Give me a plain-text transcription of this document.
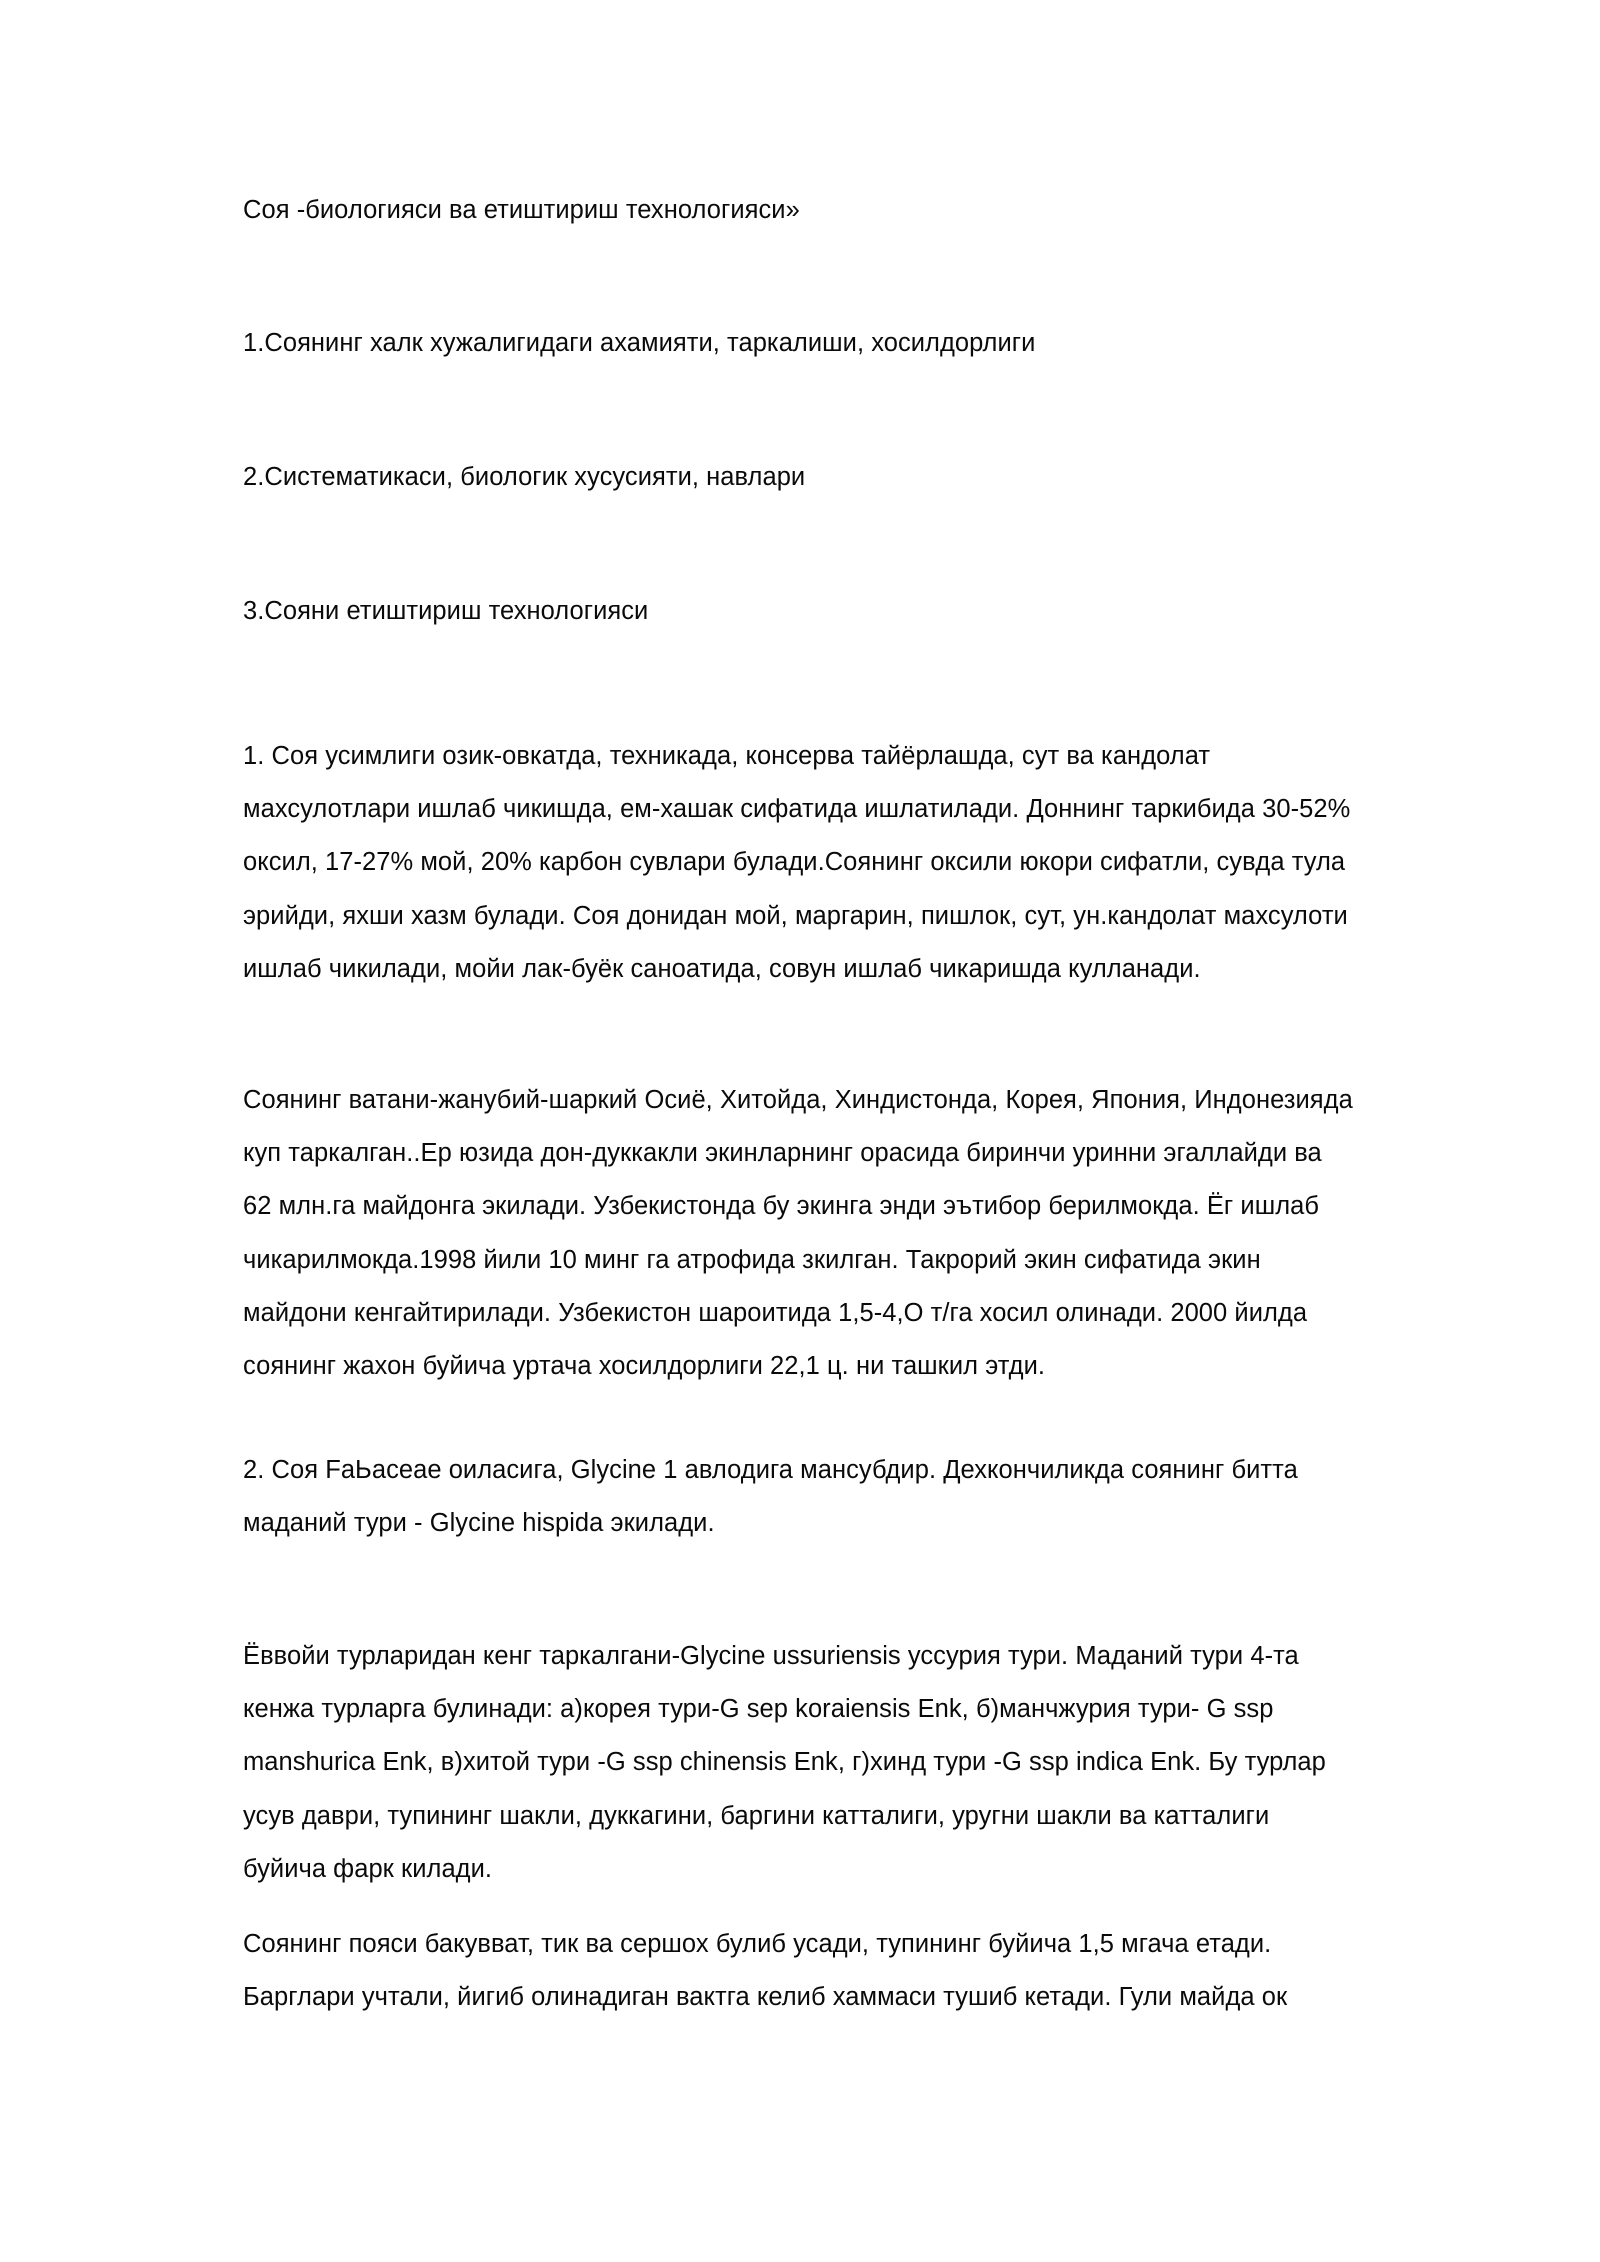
Соя -биологияси ва етиштириш технологияси»
1.Соянинг халк хужалигидаги ахамияти, таркалиши, хосилдорлиги
2.Систематикаси, биологик хусусияти, навлари
3.Сояни етиштириш технологияси
1. Соя усимлиги озик-овкатда, техникада, консерва тайёрлашда, сут ва кандолат махсулотлари ишлаб чикишда, ем-хашак сифатида ишлатилади. Доннинг таркибида 30-52% оксил, 17-27% мой, 20% карбон сувлари булади.Соянинг оксили юкори сифатли, сувда тула эрийди, яхши хазм булади. Соя донидан мой, маргарин, пишлок, сут, ун.кандолат махсулоти ишлаб чикилади, мойи лак-буёк саноатида, совун ишлаб чикаришда кулланади.
Соянинг ватани-жанубий-шаркий Осиё, Хитойда, Хиндистонда, Корея, Япония, Индонезияда куп таркалган..Ер юзида дон-дуккакли экинларнинг орасида биринчи уринни эгаллайди ва 62 млн.га майдонга экилади. Узбекистонда бу экинга энди эътибор берилмокда. Ёг ишлаб чикарилмокда.1998 йили 10 минг га атрофида зкилган. Такрорий экин сифатида экин майдони кенгайтирилади. Узбекистон шароитида 1,5-4,О т/га хосил олинади. 2000 йилда соянинг жахон буйича уртача хосилдорлиги 22,1 ц. ни ташкил этди.
2. Соя FaЬaceae оиласига, Glycine 1 авлодига мансубдир. Дехкончиликда соянинг битта маданий тури - Glycine hispida экилади.
Ёввойи турларидан кенг таркалгани-Glycine ussuriensis уссурия тури. Маданий тури 4-та кенжа турларга булинади: а)корея тури-G sep koraiensis Enk, б)манчжурия тури- G ssp manshurica Enk, в)хитой тури -G ssp chinensis Enk, г)хинд тури -G ssp indica Enk. Бу турлар усув даври, тупининг шакли, дуккагини, баргини катталиги, уругни шакли ва катталиги буйича фарк килади.
Соянинг пояси бакувват, тик ва сершох булиб усади, тупининг буйича 1,5 мгача етади. Барглари учтали, йигиб олинадиган вактга келиб хаммаси тушиб кетади. Гули майда ок
